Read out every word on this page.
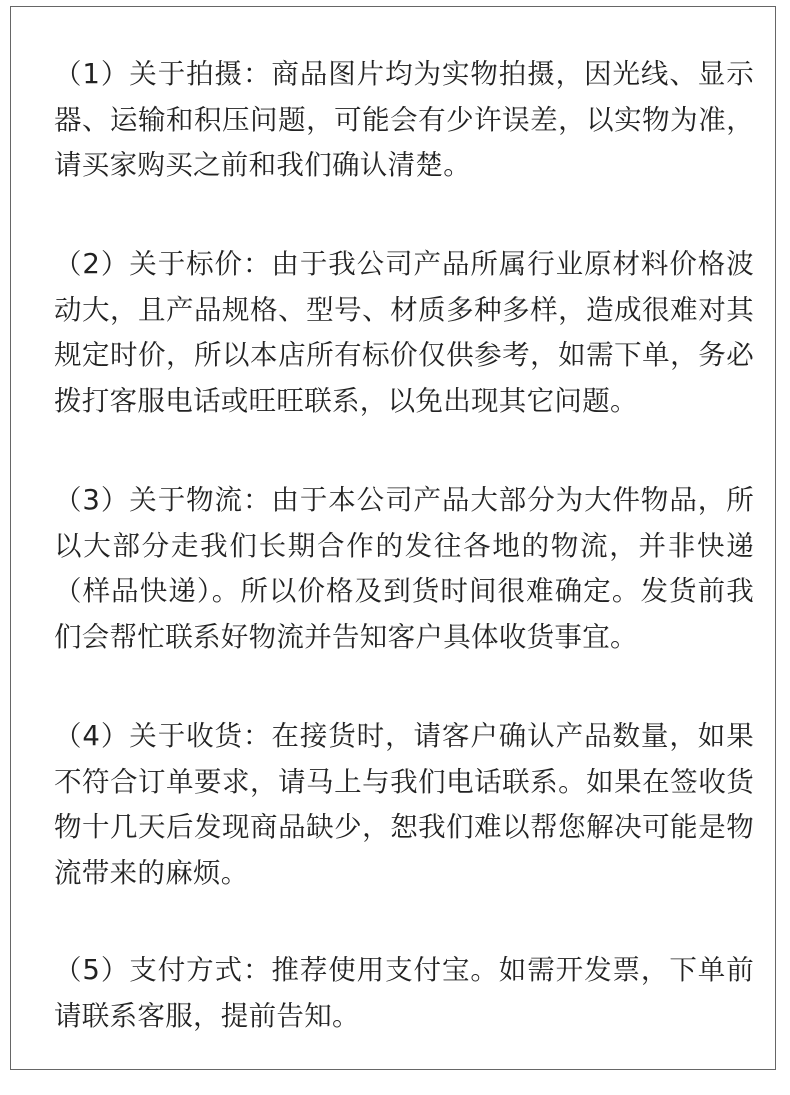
（1）关于拍摄：商品图片均为实物拍摄，因光线、显示器、运输和积压问题，可能会有少许误差，以实物为准，请买家购买之前和我们确认清楚。

（2）关于标价：由于我公司产品所属行业原材料价格波动大，且产品规格、型号、材质多种多样，造成很难对其规定时价，所以本店所有标价仅供参考，如需下单，务必拨打客服电话或旺旺联系，以免出现其它问题。

（3）关于物流：由于本公司产品大部分为大件物品，所以大部分走我们长期合作的发往各地的物流，并非快递（样品快递）。所以价格及到货时间很难确定。发货前我们会帮忙联系好物流并告知客户具体收货事宜。

（4）关于收货：在接货时，请客户确认产品数量，如果不符合订单要求，请马上与我们电话联系。如果在签收货物十几天后发现商品缺少，恕我们难以帮您解决可能是物流带来的麻烦。

（5）支付方式：推荐使用支付宝。如需开发票，下单前请联系客服，提前告知。
